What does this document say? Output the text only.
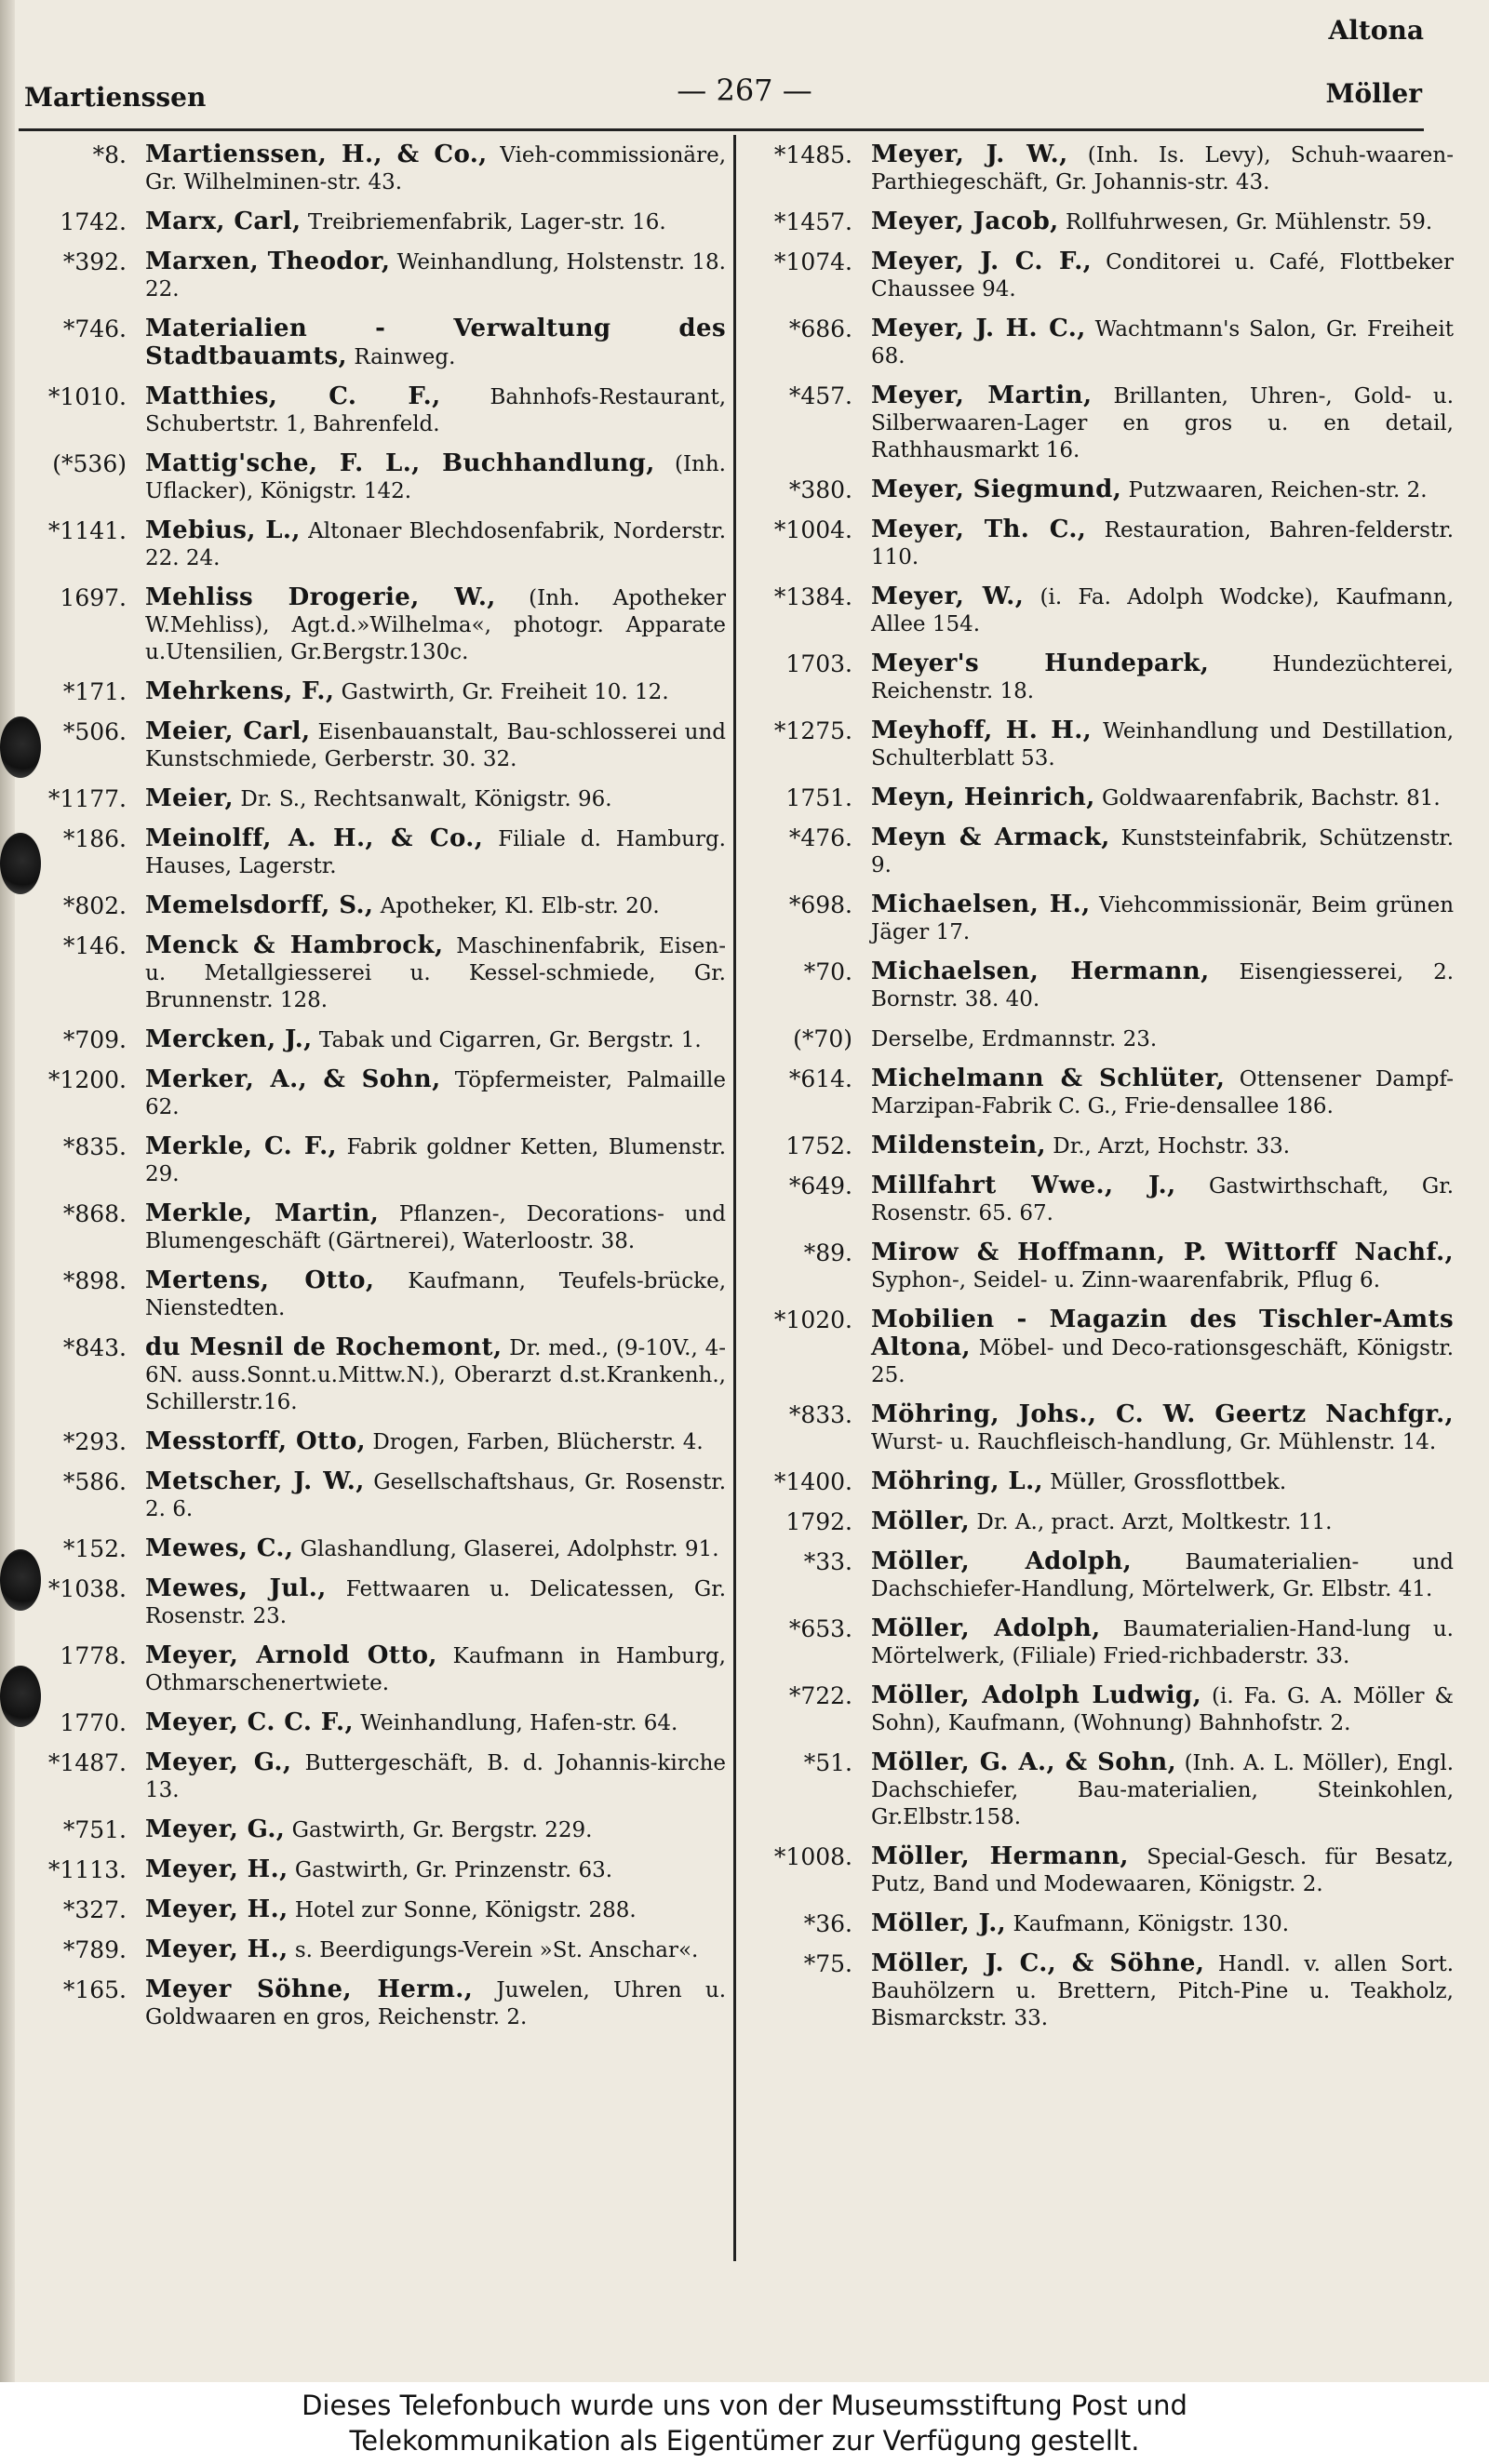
Altona
Martienssen	— 267 —	Möller
*8. Martienssen, H., & Co., Vieh-commissionäre, Gr. Wilhelminen-str. 43.
1742. Marx, Carl, Treibriemenfabrik, Lager-str. 16.
*392. Marxen, Theodor, Weinhandlung, Holstenstr. 18. 22.
*746. Materialien - Verwaltung des Stadtbauamts, Rainweg.
*1010. Matthies, C. F., Bahnhofs-Restaurant, Schubertstr. 1, Bahrenfeld.
(*536) Mattig'sche, F. L., Buchhandlung, (Inh. Uflacker), Königstr. 142.
*1141. Mebius, L., Altonaer Blechdosenfabrik, Norderstr. 22. 24.
1697. Mehliss Drogerie, W., (Inh. Apotheker W.Mehliss), Agt.d.»Wilhelma«, photogr. Apparate u.Utensilien, Gr.Bergstr.130c.
*171. Mehrkens, F., Gastwirth, Gr. Freiheit 10. 12.
*506. Meier, Carl, Eisenbauanstalt, Bau-schlosserei und Kunstschmiede, Gerberstr. 30. 32.
*1177. Meier, Dr. S., Rechtsanwalt, Königstr. 96.
*186. Meinolff, A. H., & Co., Filiale d. Hamburg. Hauses, Lagerstr.
*802. Memelsdorff, S., Apotheker, Kl. Elb-str. 20.
*146. Menck & Hambrock, Maschinenfabrik, Eisen- u. Metallgiesserei u. Kessel-schmiede, Gr. Brunnenstr. 128.
*709. Mercken, J., Tabak und Cigarren, Gr. Bergstr. 1.
*1200. Merker, A., & Sohn, Töpfermeister, Palmaille 62.
*835. Merkle, C. F., Fabrik goldner Ketten, Blumenstr. 29.
*868. Merkle, Martin, Pflanzen-, Decorations- und Blumengeschäft (Gärtnerei), Waterloostr. 38.
*898. Mertens, Otto, Kaufmann, Teufels-brücke, Nienstedten.
*843. du Mesnil de Rochemont, Dr. med., (9-10V., 4-6N. auss.Sonnt.u.Mittw.N.), Oberarzt d.st.Krankenh., Schillerstr.16.
*293. Messtorff, Otto, Drogen, Farben, Blücherstr. 4.
*586. Metscher, J. W., Gesellschaftshaus, Gr. Rosenstr. 2. 6.
*152. Mewes, C., Glashandlung, Glaserei, Adolphstr. 91.
*1038. Mewes, Jul., Fettwaaren u. Delicatessen, Gr. Rosenstr. 23.
1778. Meyer, Arnold Otto, Kaufmann in Hamburg, Othmarschenertwiete.
1770. Meyer, C. C. F., Weinhandlung, Hafen-str. 64.
*1487. Meyer, G., Buttergeschäft, B. d. Johannis-kirche 13.
*751. Meyer, G., Gastwirth, Gr. Bergstr. 229.
*1113. Meyer, H., Gastwirth, Gr. Prinzenstr. 63.
*327. Meyer, H., Hotel zur Sonne, Königstr. 288.
*789. Meyer, H., s. Beerdigungs-Verein »St. Anschar«.
*165. Meyer Söhne, Herm., Juwelen, Uhren u. Goldwaaren en gros, Reichenstr. 2.
*1485. Meyer, J. W., (Inh. Is. Levy), Schuh-waaren-Parthiegeschäft, Gr. Johannis-str. 43.
*1457. Meyer, Jacob, Rollfuhrwesen, Gr. Mühlenstr. 59.
*1074. Meyer, J. C. F., Conditorei u. Café, Flottbeker Chaussee 94.
*686. Meyer, J. H. C., Wachtmann's Salon, Gr. Freiheit 68.
*457. Meyer, Martin, Brillanten, Uhren-, Gold- u. Silberwaaren-Lager en gros u. en detail, Rathhausmarkt 16.
*380. Meyer, Siegmund, Putzwaaren, Reichen-str. 2.
*1004. Meyer, Th. C., Restauration, Bahren-felderstr. 110.
*1384. Meyer, W., (i. Fa. Adolph Wodcke), Kaufmann, Allee 154.
1703. Meyer's Hundepark,	Hundezüchterei, Reichenstr. 18.
*1275. Meyhoff, H. H., Weinhandlung und Destillation, Schulterblatt 53.
1751. Meyn, Heinrich, Goldwaarenfabrik, Bachstr. 81.
*476. Meyn & Armack, Kunststeinfabrik, Schützenstr. 9.
*698. Michaelsen, H., Viehcommissionär, Beim grünen Jäger 17.
*70. Michaelsen, Hermann, Eisengiesserei, 2. Bornstr. 38. 40.
(*70) Derselbe, Erdmannstr. 23.
*614. Michelmann & Schlüter, Ottensener Dampf-Marzipan-Fabrik C. G., Frie-densallee 186.
1752. Mildenstein, Dr., Arzt, Hochstr. 33.
*649. Millfahrt Wwe., J., Gastwirthschaft, Gr. Rosenstr. 65. 67.
*89. Mirow & Hoffmann, P. Wittorff Nachf., Syphon-, Seidel- u. Zinn-waarenfabrik, Pflug 6.
*1020. Mobilien - Magazin des Tischler-Amts Altona, Möbel- und Deco-rationsgeschäft, Königstr. 25.
*833. Möhring, Johs., C. W. Geertz Nachfgr., Wurst- u. Rauchfleisch-handlung, Gr. Mühlenstr. 14.
*1400. Möhring, L., Müller, Grossflottbek.
1792. Möller, Dr. A., pract. Arzt, Moltkestr. 11.
*33. Möller, Adolph, Baumaterialien- und Dachschiefer-Handlung, Mörtelwerk, Gr. Elbstr. 41.
*653. Möller, Adolph, Baumaterialien-Hand-lung u. Mörtelwerk, (Filiale) Fried-richbaderstr. 33.
*722. Möller, Adolph Ludwig, (i. Fa. G. A. Möller & Sohn), Kaufmann, (Wohnung) Bahnhofstr. 2.
*51. Möller, G. A., & Sohn, (Inh. A. L. Möller), Engl. Dachschiefer, Bau-materialien, Steinkohlen, Gr.Elbstr.158.
*1008. Möller, Hermann, Special-Gesch. für Besatz, Putz, Band und Modewaaren, Königstr. 2.
*36. Möller, J., Kaufmann, Königstr. 130.
*75. Möller, J. C., & Söhne, Handl. v. allen Sort. Bauhölzern u. Brettern, Pitch-Pine u. Teakholz, Bismarckstr. 33.
Dieses Telefonbuch wurde uns von der Museumsstiftung Post und
Telekommunikation als Eigentümer zur Verfügung gestellt.
